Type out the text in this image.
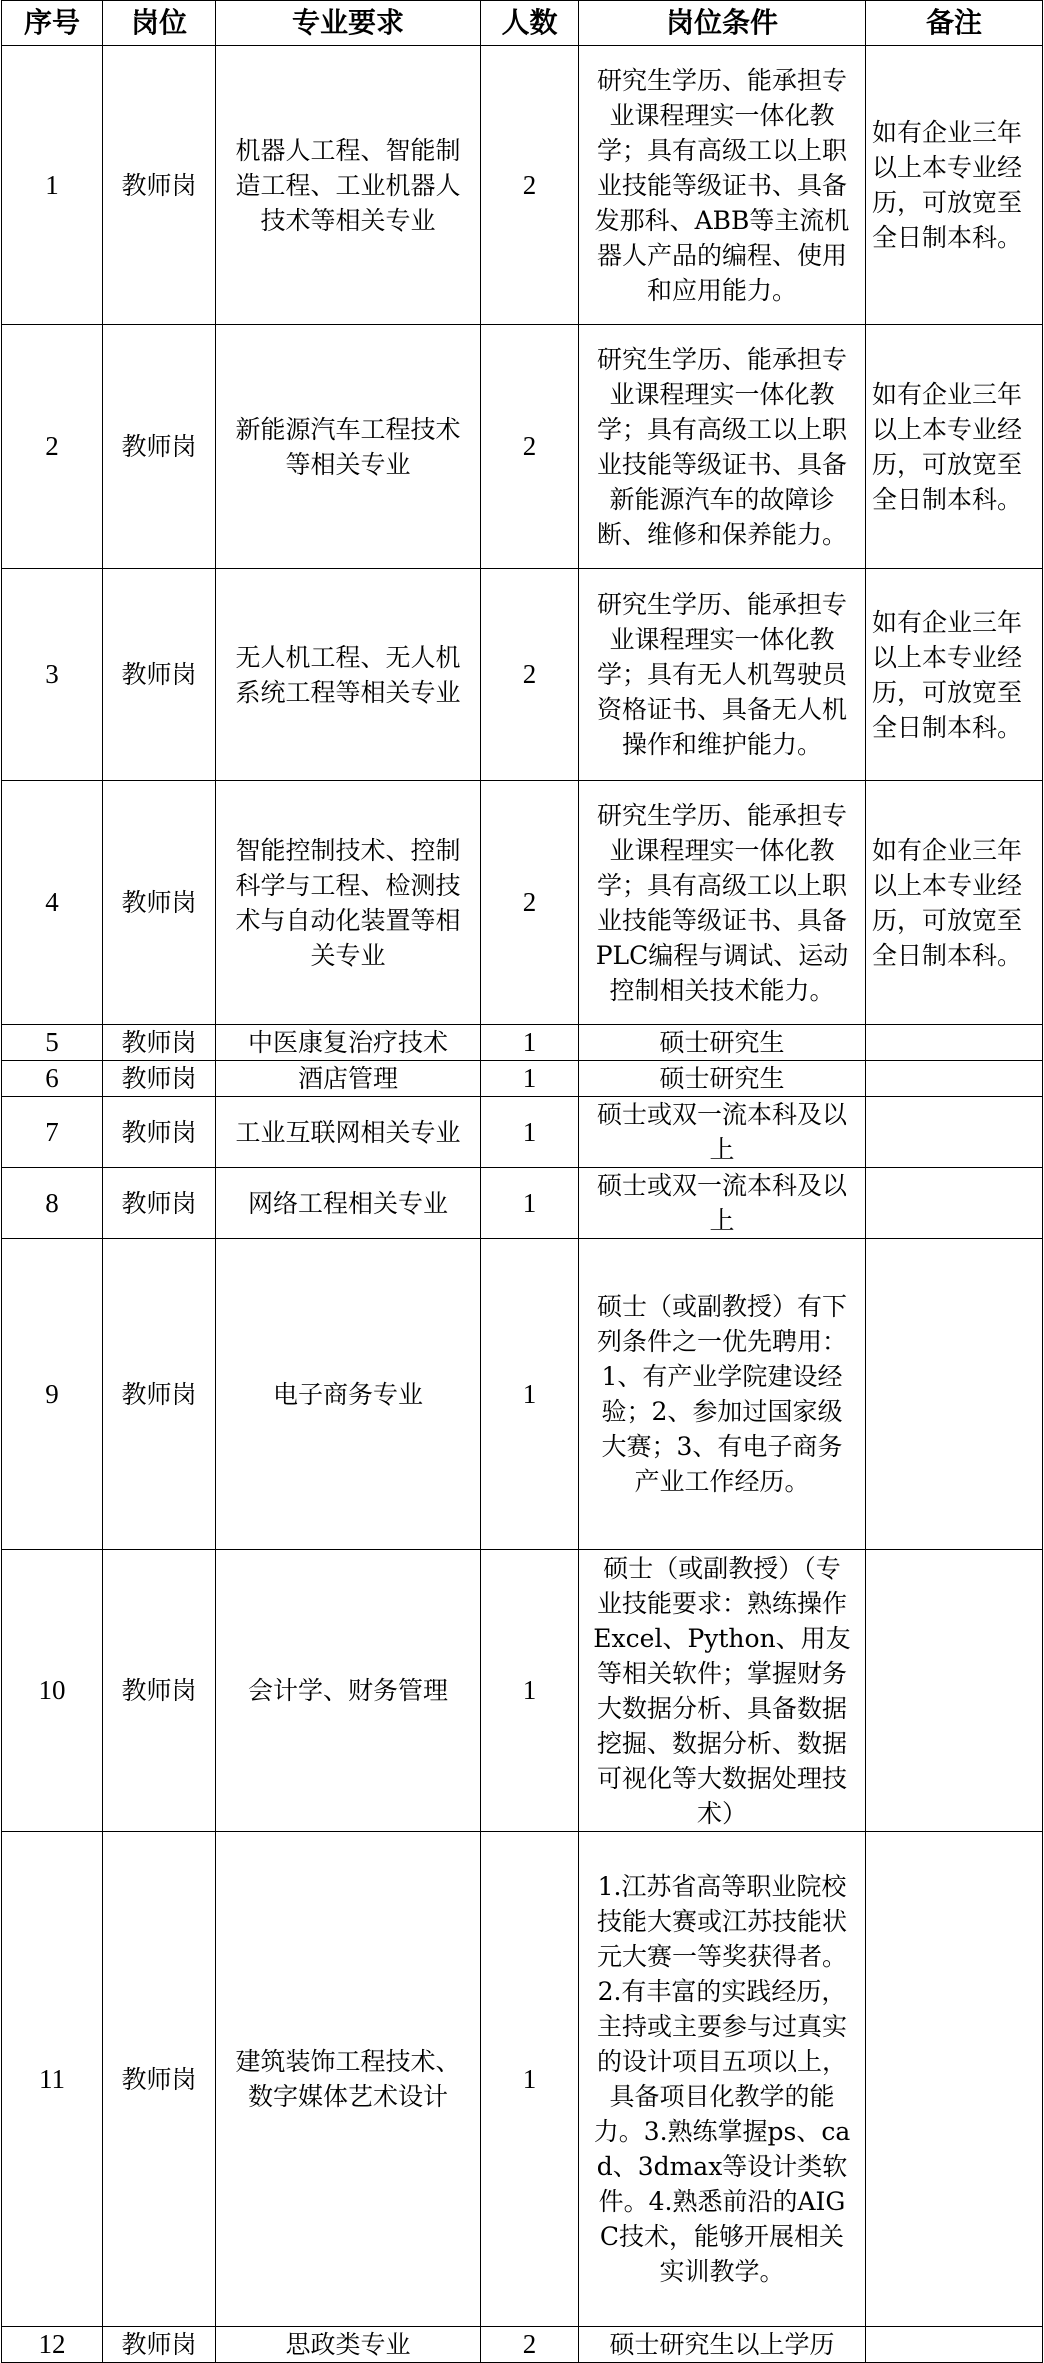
序号	岗位	专业要求	人数	岗位条件	备注
1	教师岗	机器人工程、智能制造工程、工业机器人技术等相关专业	2	研究生学历、能承担专业课程理实一体化教学；具有高级工以上职业技能等级证书、具备发那科、ABB等主流机器人产品的编程、使用和应用能力。	如有企业三年以上本专业经历，可放宽至全日制本科。
2	教师岗	新能源汽车工程技术等相关专业	2	研究生学历、能承担专业课程理实一体化教学；具有高级工以上职业技能等级证书、具备新能源汽车的故障诊断、维修和保养能力。	如有企业三年以上本专业经历，可放宽至全日制本科。
3	教师岗	无人机工程、无人机系统工程等相关专业	2	研究生学历、能承担专业课程理实一体化教学；具有无人机驾驶员资格证书、具备无人机操作和维护能力。	如有企业三年以上本专业经历，可放宽至全日制本科。
4	教师岗	智能控制技术、控制科学与工程、检测技术与自动化装置等相关专业	2	研究生学历、能承担专业课程理实一体化教学；具有高级工以上职业技能等级证书、具备PLC编程与调试、运动控制相关技术能力。	如有企业三年以上本专业经历，可放宽至全日制本科。
5	教师岗	中医康复治疗技术	1	硕士研究生	
6	教师岗	酒店管理	1	硕士研究生	
7	教师岗	工业互联网相关专业	1	硕士或双一流本科及以上	
8	教师岗	网络工程相关专业	1	硕士或双一流本科及以上	
9	教师岗	电子商务专业	1	硕士（或副教授）有下列条件之一优先聘用：1、有产业学院建设经验；2、参加过国家级大赛；3、有电子商务产业工作经历。	
10	教师岗	会计学、财务管理	1	硕士（或副教授）（专业技能要求：熟练操作Excel、Python、用友等相关软件；掌握财务大数据分析、具备数据挖掘、数据分析、数据可视化等大数据处理技术）	
11	教师岗	建筑装饰工程技术、数字媒体艺术设计	1	1.江苏省高等职业院校技能大赛或江苏技能状元大赛一等奖获得者。2.有丰富的实践经历，主持或主要参与过真实的设计项目五项以上，具备项目化教学的能力。3.熟练掌握ps、cad、3dmax等设计类软件。4.熟悉前沿的AIGC技术，能够开展相关实训教学。	
12	教师岗	思政类专业	2	硕士研究生以上学历	
